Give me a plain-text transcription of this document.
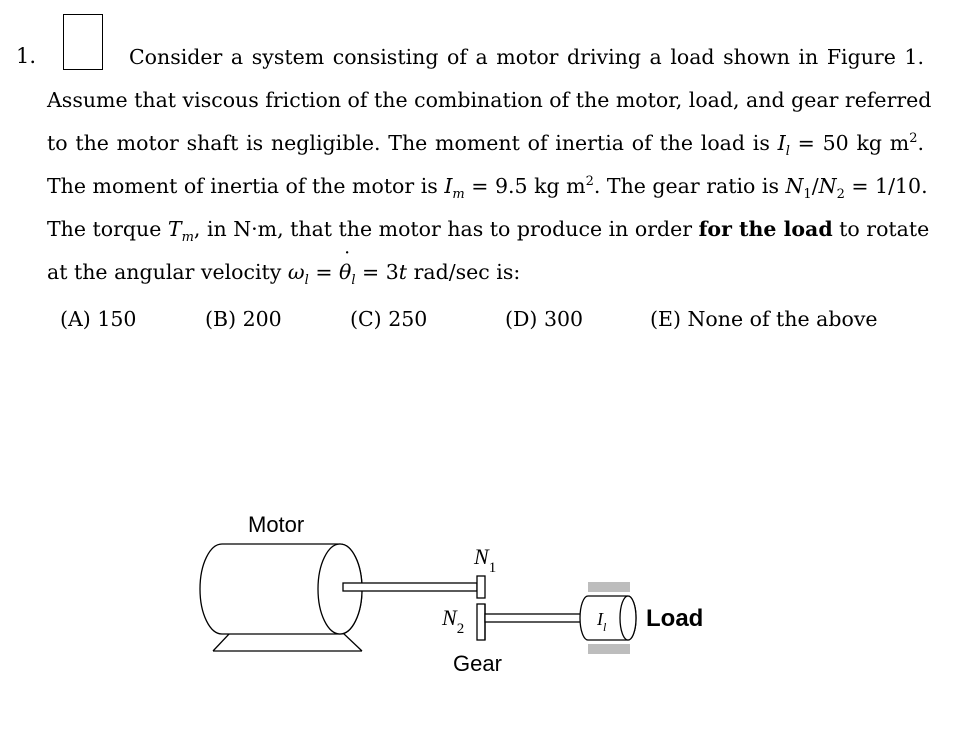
1.	Consider a system consisting of a motor driving a load shown in Figure 1.
Assume that viscous friction of the combination of the motor, load, and gear referred
to the motor shaft is negligible. The moment of inertia of the load is $I_l = 50$ kg $m^2$.
The moment of inertia of the motor is $I_m = 9.5$ kg $m^2$. The gear ratio is $N_1/N_2 = 1/10$.
The torque $T_m$, in N·m, that the motor has to produce in order for the load to rotate
at the angular velocity $\omega_l$ = ˙ $\theta_l = 3t$ rad/sec is:
(A) 150	(B) 200	(C) 250	(D) 300	(E) None of the above
Motor
$N_1$
$N_2$	$I_l$ Load
Gear
